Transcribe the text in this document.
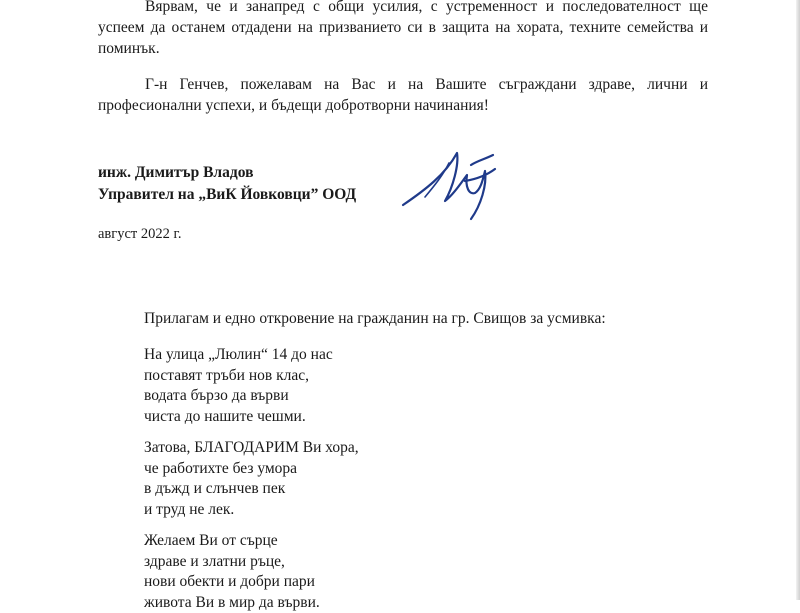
Вярвам, че и занапред с общи усилия, с устременност и последователност ще
успеем да останем отдадени на призванието си в защита на хората, техните семейства и
поминък.
Г-н Генчев, пожелавам на Вас и на Вашите съграждани здраве, лични и
професионални успехи, и бъдещи добротворни начинания!
инж. Димитър Владов
Управител на „ВиК Йовковци” ООД
август 2022 г.
Прилагам и едно откровение на гражданин на гр. Свищов за усмивка:
На улица „Люлин“ 14 до нас
поставят тръби нов клас,
водата бързо да върви
чиста до нашите чешми.
Затова, БЛАГОДАРИМ Ви хора,
че работихте без умора
в дъжд и слънчев пек
и труд не лек.
Желаем Ви от сърце
здраве и златни ръце,
нови обекти и добри пари
живота Ви в мир да върви.
